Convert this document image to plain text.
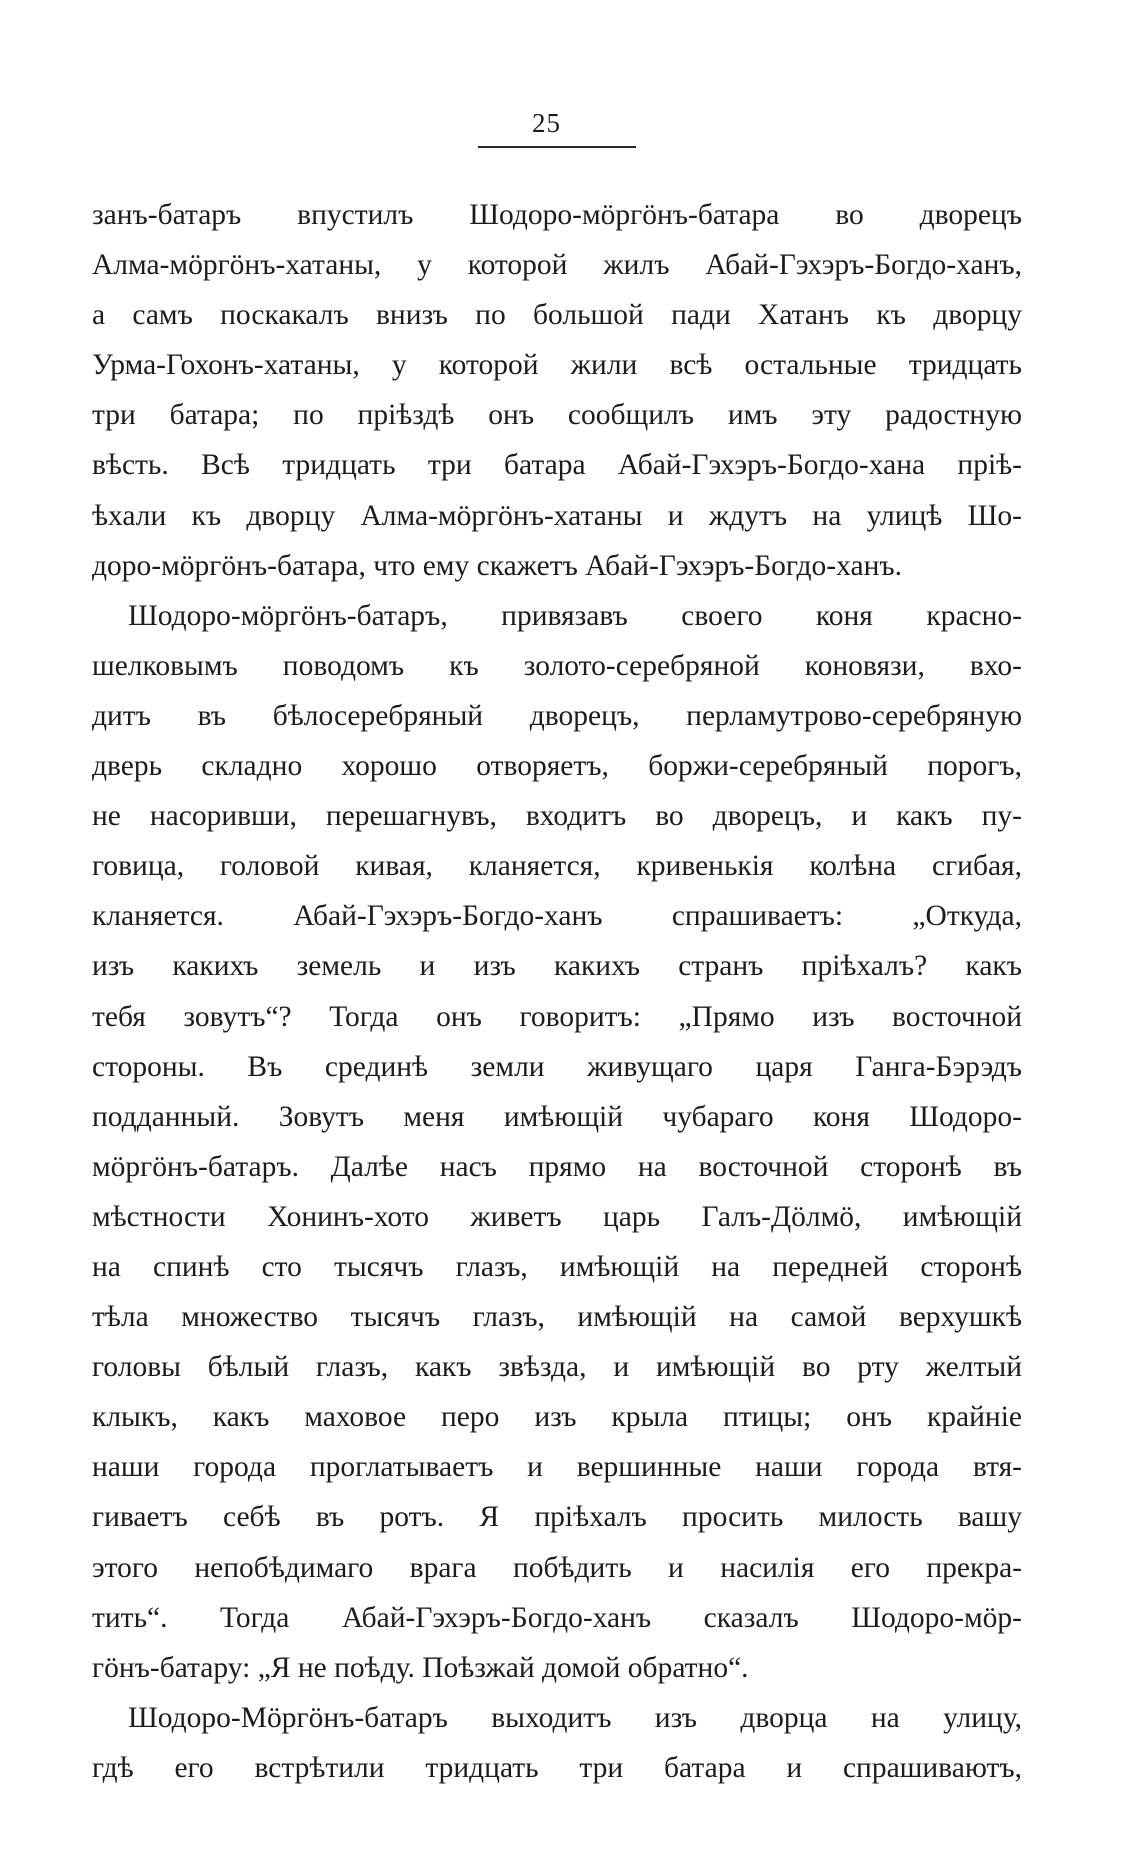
25
занъ-батаръ впустилъ Шодоро-мӧргӧнъ-батара во дворецъ
Алма-мӧргӧнъ-хатаны, у которой жилъ Абай-Гэхэръ-Богдо-ханъ,
а самъ поскакалъ внизъ по большой пади Хатанъ къ дворцу
Урма-Гохонъ-хатаны, у которой жили всѣ остальные тридцать
три батара; по пріѣздѣ онъ сообщилъ имъ эту радостную
вѣсть. Всѣ тридцать три батара Абай-Гэхэръ-Богдо-хана пріѣ-
ѣхали къ дворцу Алма-мӧргӧнъ-хатаны и ждутъ на улицѣ Шо-
доро-мӧргӧнъ-батара, что ему скажетъ Абай-Гэхэръ-Богдо-ханъ.
Шодоро-мӧргӧнъ-батаръ, привязавъ своего коня красно-
шелковымъ поводомъ къ золото-серебряной коновязи, вхо-
дитъ въ бѣлосеребряный дворецъ, перламутрово-серебряную
дверь складно хорошо отворяетъ, боржи-серебряный порогъ,
не насоривши, перешагнувъ, входитъ во дворецъ, и какъ пу-
говица, головой кивая, кланяется, кривенькія колѣна сгибая,
кланяется. Абай-Гэхэръ-Богдо-ханъ спрашиваетъ: „Откуда,
изъ какихъ земель и изъ какихъ странъ пріѣхалъ? какъ
тебя зовутъ“? Тогда онъ говоритъ: „Прямо изъ восточной
стороны. Въ срединѣ земли живущаго царя Ганга-Бэрэдъ
подданный. Зовутъ меня имѣющій чубараго коня Шодоро-
мӧргӧнъ-батаръ. Далѣе насъ прямо на восточной сторонѣ въ
мѣстности Хонинъ-хото живетъ царь Галъ-Дӧлмӧ, имѣющій
на спинѣ сто тысячъ глазъ, имѣющій на передней сторонѣ
тѣла множество тысячъ глазъ, имѣющій на самой верхушкѣ
головы бѣлый глазъ, какъ звѣзда, и имѣющій во рту желтый
клыкъ, какъ маховое перо изъ крыла птицы; онъ крайніе
наши города проглатываетъ и вершинные наши города втя-
гиваетъ себѣ въ ротъ. Я пріѣхалъ просить милость вашу
этого непобѣдимаго врага побѣдить и насилія его прекра-
тить“. Тогда Абай-Гэхэръ-Богдо-ханъ сказалъ Шодоро-мӧр-
гӧнъ-батару: „Я не поѣду. Поѣзжай домой обратно“.
Шодоро-Мӧргӧнъ-батаръ выходитъ изъ дворца на улицу,
гдѣ его встрѣтили тридцать три батара и спрашиваютъ,
